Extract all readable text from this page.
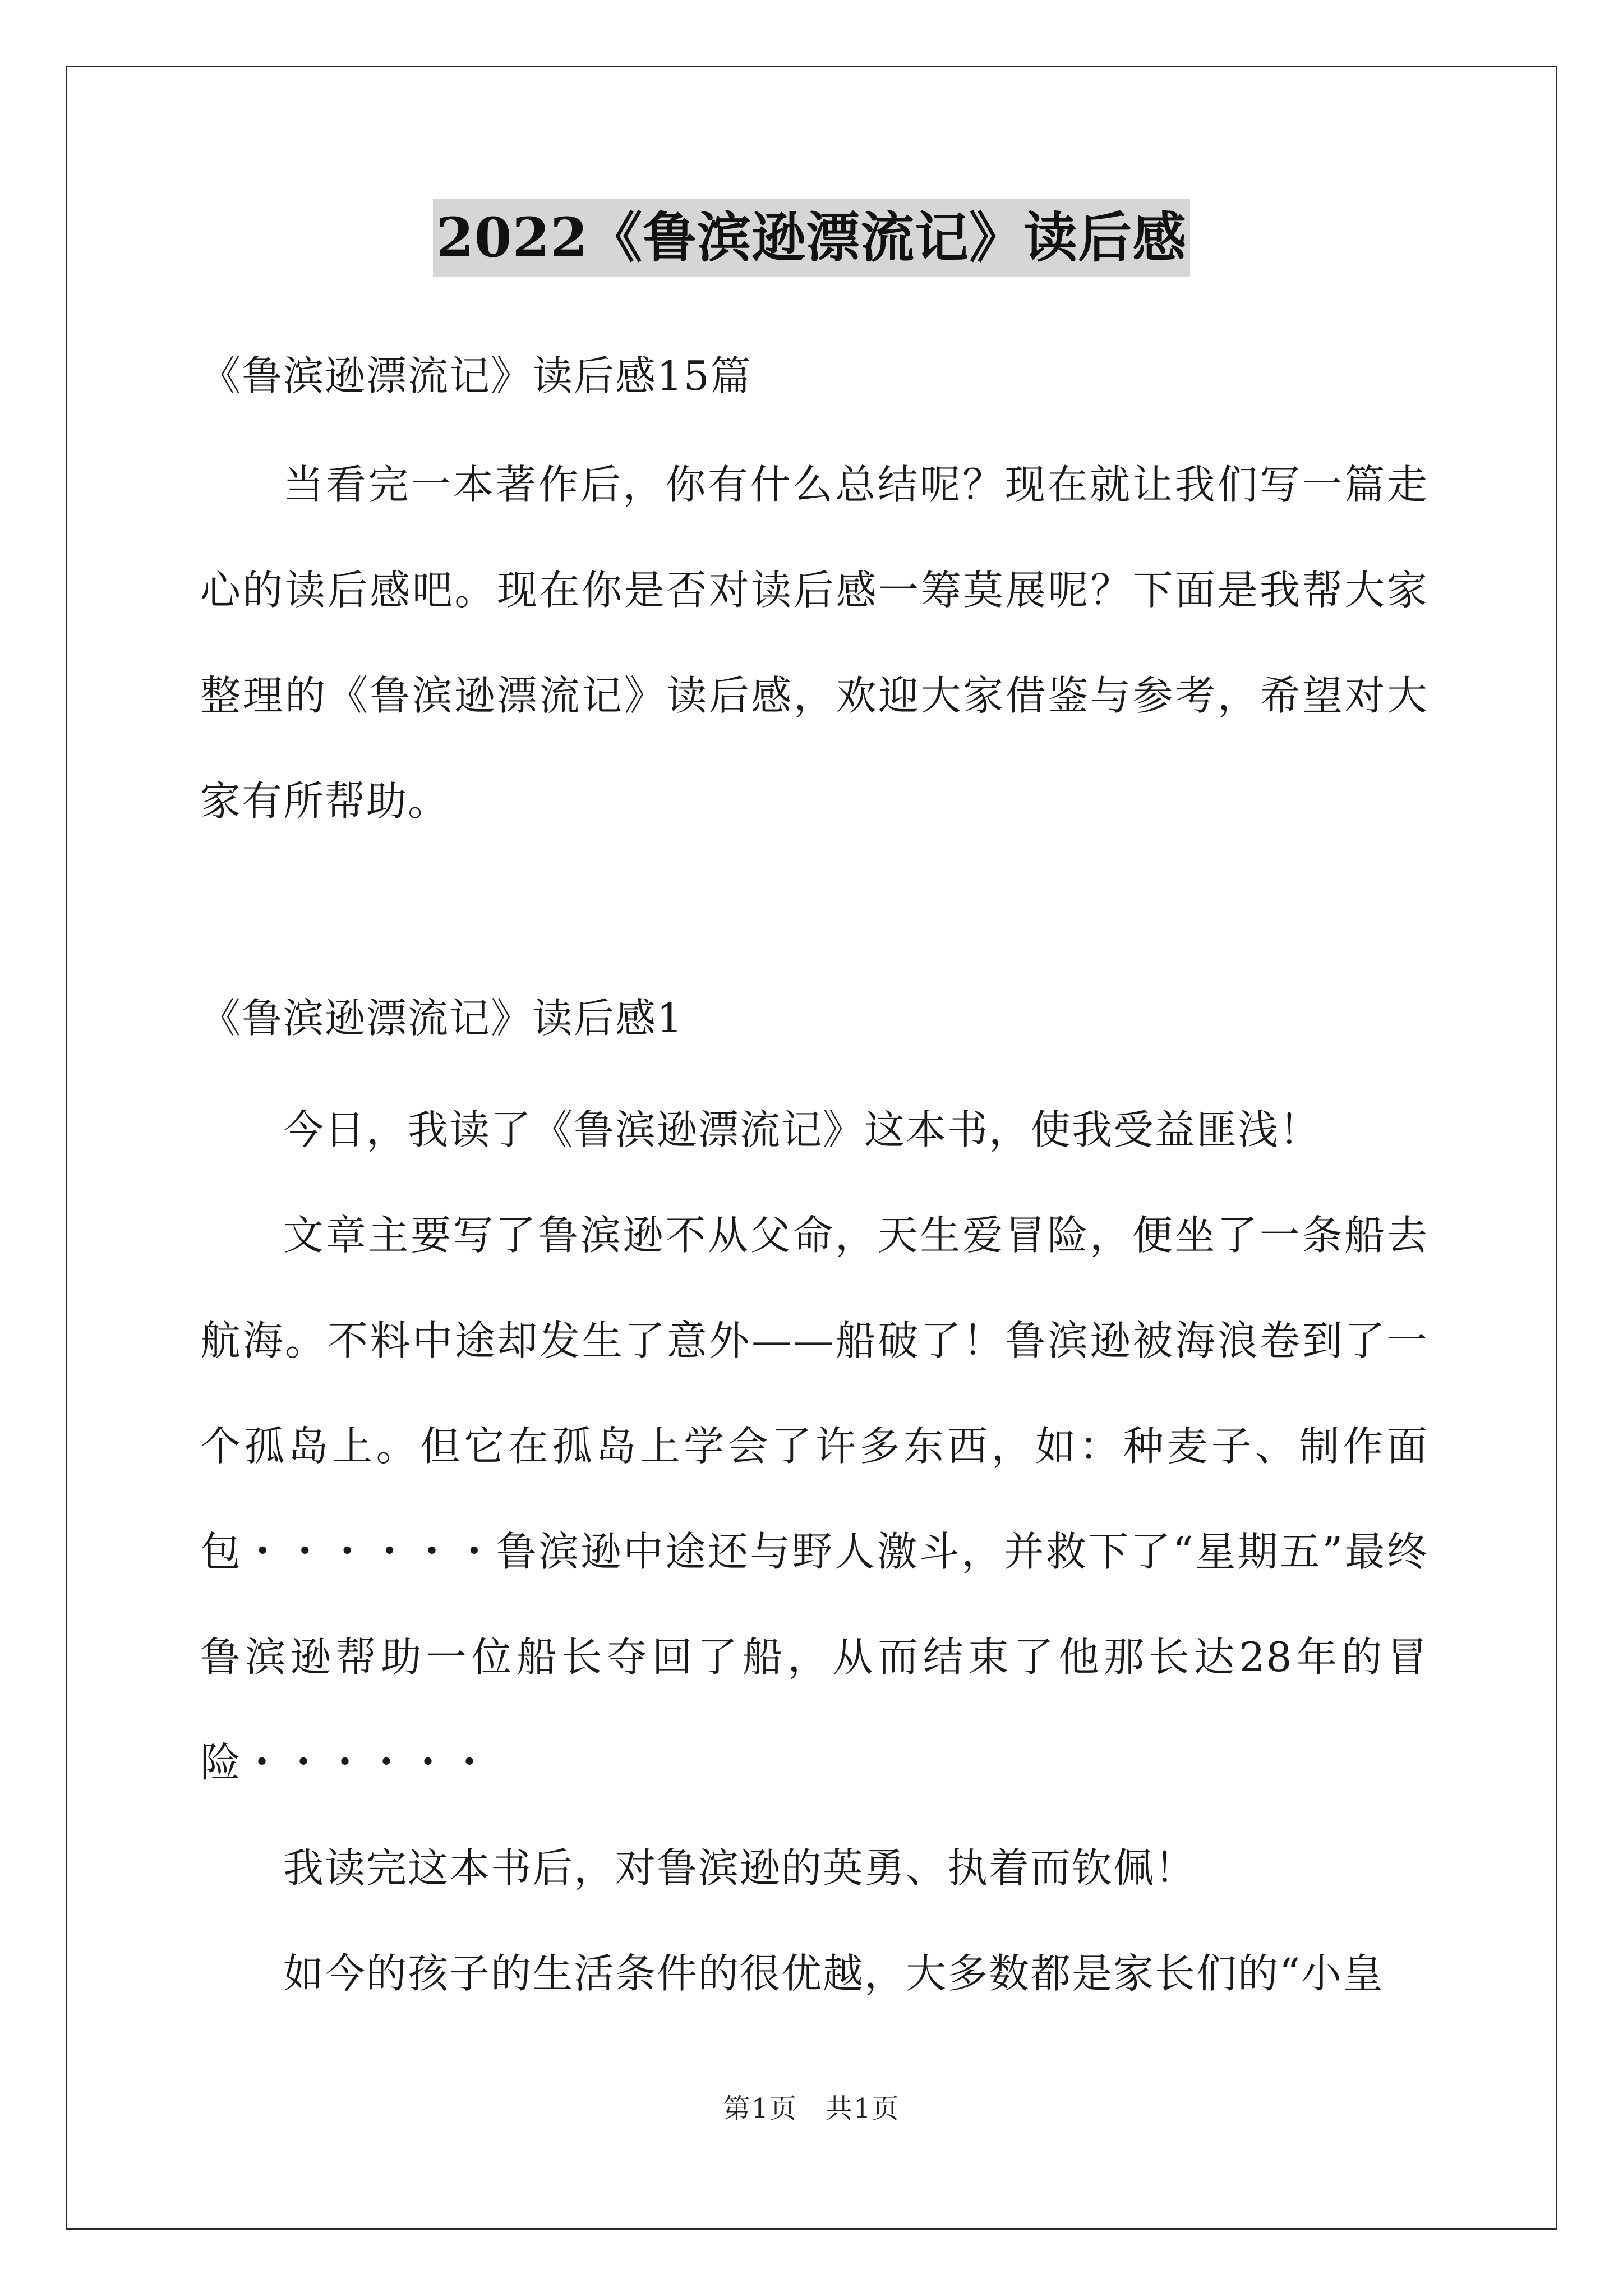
2022《鲁滨逊漂流记》读后感
《鲁滨逊漂流记》读后感15篇

当看完一本著作后，你有什么总结呢？现在就让我们写一篇走心的读后感吧。现在你是否对读后感一筹莫展呢？下面是我帮大家整理的《鲁滨逊漂流记》读后感，欢迎大家借鉴与参考，希望对大家有所帮助。

《鲁滨逊漂流记》读后感1

今日，我读了《鲁滨逊漂流记》这本书，使我受益匪浅！

文章主要写了鲁滨逊不从父命，天生爱冒险，便坐了一条船去航海。不料中途却发生了意外——船破了！鲁滨逊被海浪卷到了一个孤岛上。但它在孤岛上学会了许多东西，如：种麦子、制作面包・・・・・・鲁滨逊中途还与野人激斗，并救下了“星期五”最终鲁滨逊帮助一位船长夺回了船，从而结束了他那长达28年的冒险・・・・・・

我读完这本书后，对鲁滨逊的英勇、执着而钦佩！

如今的孩子的生活条件的很优越，大多数都是家长们的“小皇

第1页 共1页
